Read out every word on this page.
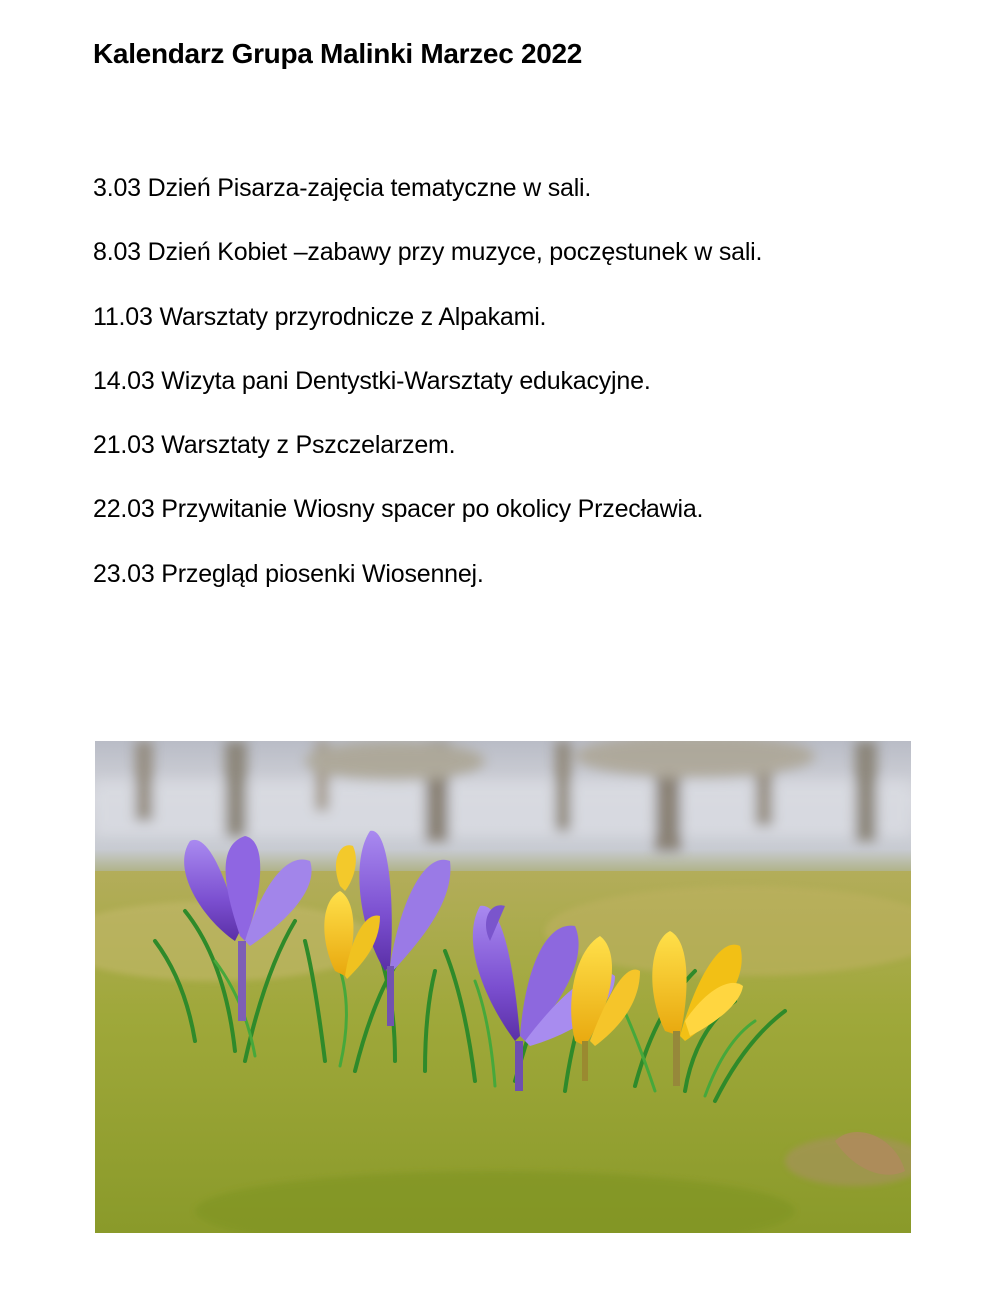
Kalendarz Grupa Malinki Marzec 2022
3.03 Dzień Pisarza-zajęcia tematyczne w sali.
8.03 Dzień Kobiet –zabawy przy muzyce, poczęstunek w sali.
11.03 Warsztaty przyrodnicze z Alpakami.
14.03 Wizyta pani Dentystki-Warsztaty edukacyjne.
21.03 Warsztaty z Pszczelarzem.
22.03 Przywitanie Wiosny spacer po okolicy Przecławia.
23.03 Przegląd piosenki Wiosennej.
